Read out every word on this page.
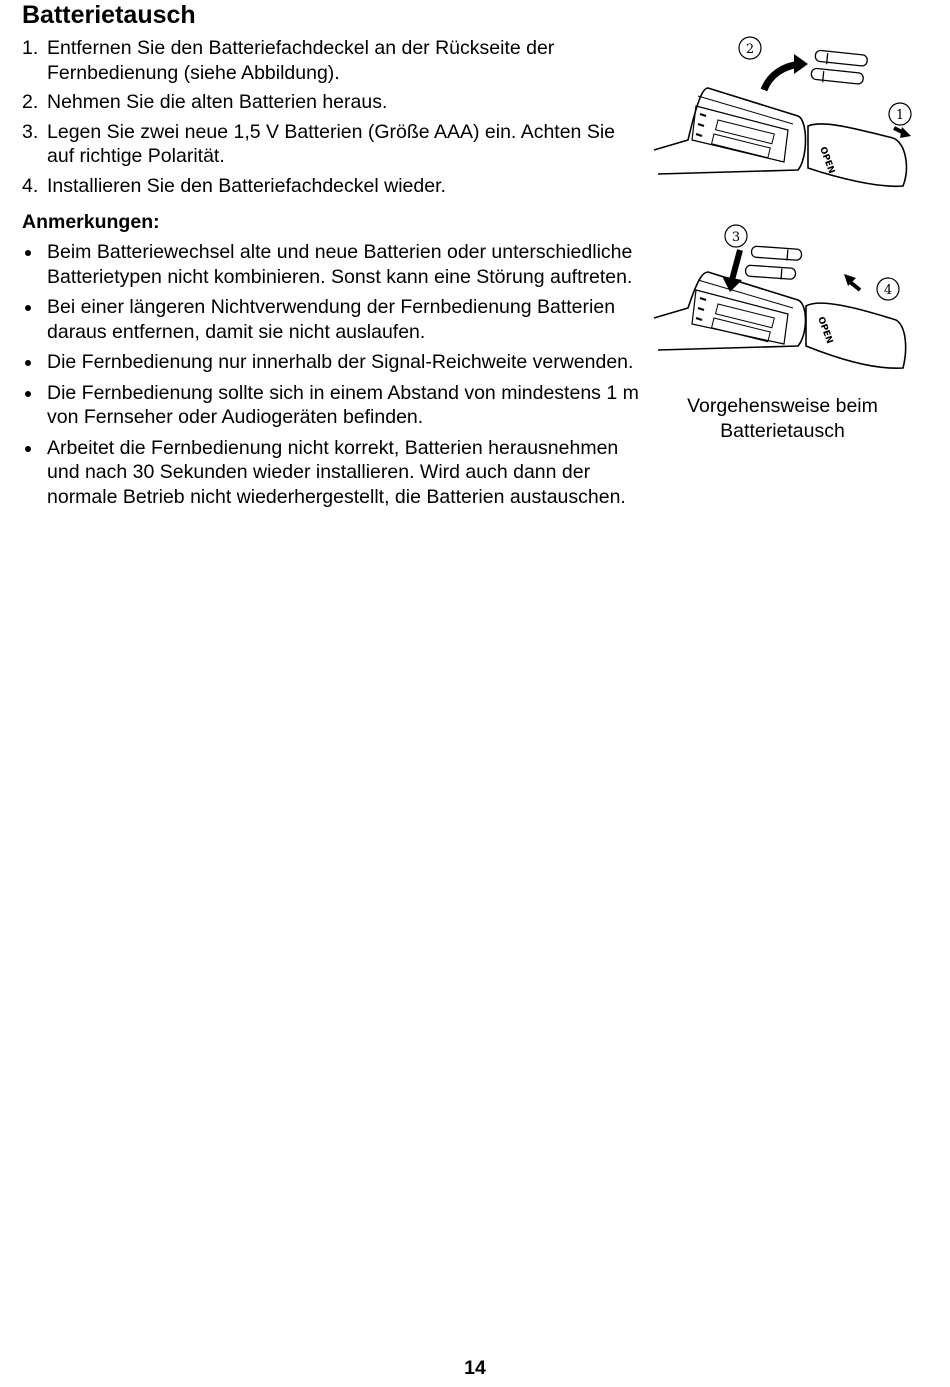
Batterietausch
1. Entfernen Sie den Batteriefachdeckel an der Rückseite der Fernbedienung (siehe Abbildung).
2. Nehmen Sie die alten Batterien heraus.
3. Legen Sie zwei neue 1,5 V Batterien (Größe AAA) ein. Achten Sie auf richtige Polarität.
4. Installieren Sie den Batteriefachdeckel wieder.
Anmerkungen:
Beim Batteriewechsel alte und neue Batterien oder unterschiedliche Batterietypen nicht kombinieren. Sonst kann eine Störung auftreten.
Bei einer längeren Nichtverwendung der Fernbedienung Batterien daraus entfernen, damit sie nicht auslaufen.
Die Fernbedienung nur innerhalb der Signal-Reichweite verwenden.
Die Fernbedienung sollte sich in einem Abstand von mindestens 1 m von Fernseher oder Audiogeräten befinden.
Arbeitet die Fernbedienung nicht korrekt, Batterien herausnehmen und nach 30 Sekunden wieder installieren. Wird auch dann der normale Betrieb nicht wiederhergestellt, die Batterien austauschen.
OPEN
2
1
OPEN
3
4

Vorgehensweise beim Batterietausch

14
